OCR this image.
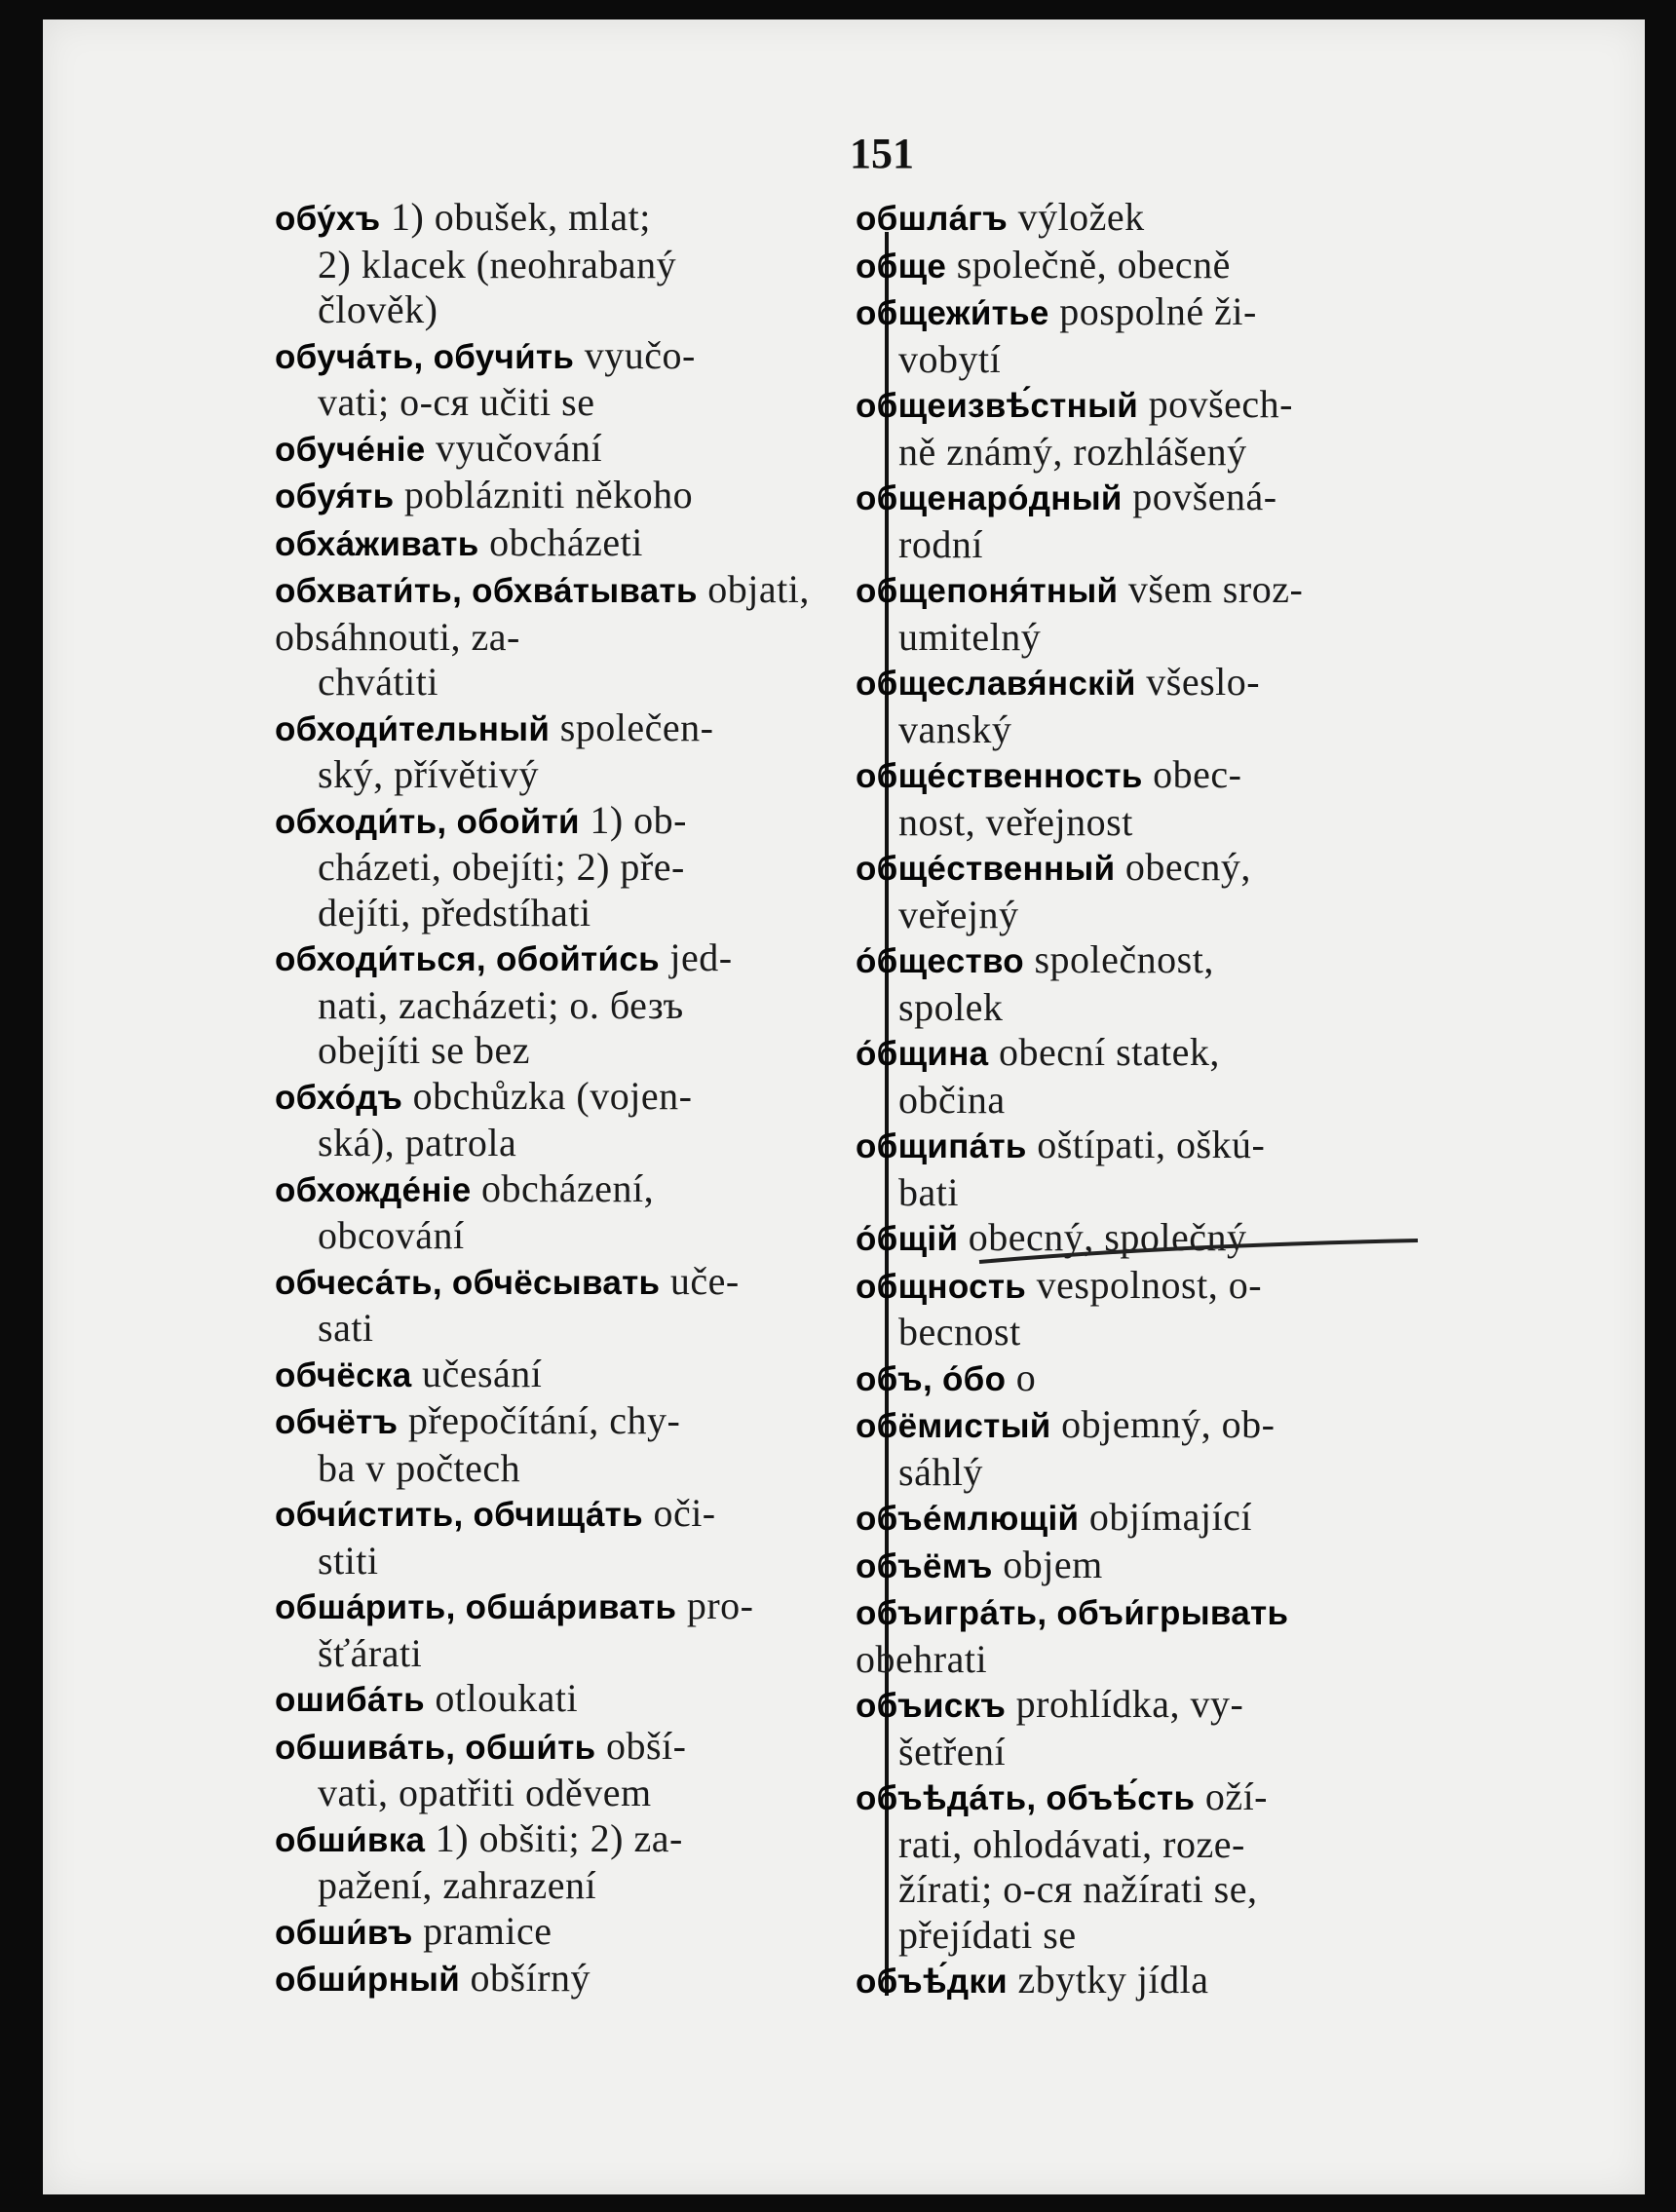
151

обу́хъ 1) obušek, mlat;
2) klacek (neohrabaný
člověk)

обуча́ть, обучи́ть vyučo-
vati; о-ся učiti se

обуче́ніе vyučování

обуя́ть poblázniti někoho

обха́живать obcházeti

обхвати́ть, обхва́тывать objati, obsáhnouti, za-
chvátiti

обходи́тельный společen-
ský, přívětivý

обходи́ть, обойти́ 1) ob-
cházeti, obejíti; 2) pře-
dejíti, předstíhati

обходи́ться, обойти́сь jed-
nati, zacházeti; о. безъ
obejíti se bez

обхо́дъ obchůzka (vojen-
ská), patrola

обхожде́ніе obcházení,
obcování

обчеса́ть, обчёсывать uče-
sati

обчёска učesání

обчётъ přepočítání, chy-
ba v počtech

обчи́стить, обчища́ть oči-
stiti

обша́рить, обша́ривать pro-
šťárati

ошиба́ть otloukati

обшива́ть, обши́ть obší-
vati, opatřiti oděvem

обши́вка 1) obšiti; 2) za-
pažení, zahrazení

обши́въ pramice

обши́рный obšírný

обшла́гъ výložek

обще společně, obecně

общежи́тье pospolné ži-
vobytí

общеизвѣ́стный povšech-
ně známý, rozhlášený

общенаро́дный povšená-
rodní

общепоня́тный všem sroz-
umitelný

общеславя́нскій všeslo-
vanský

обще́ственность obec-
nost, veřejnost

обще́ственный obecný,
veřejný

о́бщество společnost,
spolek

о́бщина obecní statek,
občina

общипа́ть oštípati, oškú-
bati

о́бщій obecný, společný

общность vespolnost, o-
becnost

объ, о́бо o

обёмистый objemný, ob-
sáhlý

объе́млющій objímající

объёмъ objem

объигра́ть, объи́грывать obehrati

объискъ prohlídka, vy-
šetření

объѣда́ть, объѣ́сть oží-
rati, ohlodávati, roze-
žírati; о-ся nažírati se,
přejídati se

объѣ́дки zbytky jídla
